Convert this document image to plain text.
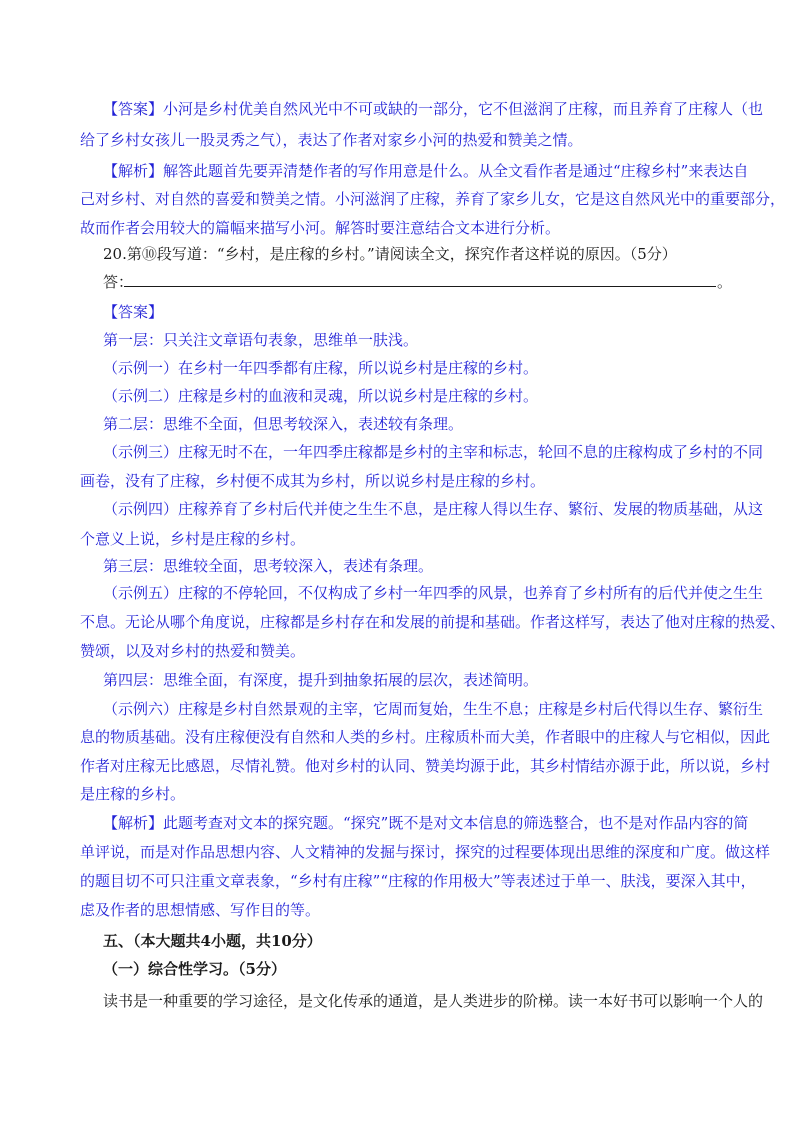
【答案】小河是乡村优美自然风光中不可或缺的一部分，它不但滋润了庄稼，而且养育了庄稼人（也
给了乡村女孩儿一股灵秀之气），表达了作者对家乡小河的热爱和赞美之情。
【解析】解答此题首先要弄清楚作者的写作用意是什么。从全文看作者是通过“庄稼乡村”来表达自
己对乡村、对自然的喜爱和赞美之情。小河滋润了庄稼，养育了家乡儿女，它是这自然风光中的重要部分，
故而作者会用较大的篇幅来描写小河。解答时要注意结合文本进行分析。
20.第⑩段写道：“乡村，是庄稼的乡村。”请阅读全文，探究作者这样说的原因。（5分）
答：	。
【答案】
第一层：只关注文章语句表象，思维单一肤浅。
（示例一）在乡村一年四季都有庄稼，所以说乡村是庄稼的乡村。
（示例二）庄稼是乡村的血液和灵魂，所以说乡村是庄稼的乡村。
第二层：思维不全面，但思考较深入，表述较有条理。
（示例三）庄稼无时不在，一年四季庄稼都是乡村的主宰和标志，轮回不息的庄稼构成了乡村的不同
画卷，没有了庄稼，乡村便不成其为乡村，所以说乡村是庄稼的乡村。
（示例四）庄稼养育了乡村后代并使之生生不息，是庄稼人得以生存、繁衍、发展的物质基础，从这
个意义上说，乡村是庄稼的乡村。
第三层：思维较全面，思考较深入，表述有条理。
（示例五）庄稼的不停轮回，不仅构成了乡村一年四季的风景，也养育了乡村所有的后代并使之生生
不息。无论从哪个角度说，庄稼都是乡村存在和发展的前提和基础。作者这样写，表达了他对庄稼的热爱、
赞颂，以及对乡村的热爱和赞美。
第四层：思维全面，有深度，提升到抽象拓展的层次，表述简明。
（示例六）庄稼是乡村自然景观的主宰，它周而复始，生生不息；庄稼是乡村后代得以生存、繁衍生
息的物质基础。没有庄稼便没有自然和人类的乡村。庄稼质朴而大美，作者眼中的庄稼人与它相似，因此
作者对庄稼无比感恩，尽情礼赞。他对乡村的认同、赞美均源于此，其乡村情结亦源于此，所以说，乡村
是庄稼的乡村。
【解析】此题考查对文本的探究题。“探究”既不是对文本信息的筛选整合，也不是对作品内容的简
单评说，而是对作品思想内容、人文精神的发掘与探讨，探究的过程要体现出思维的深度和广度。做这样
的题目切不可只注重文章表象，“乡村有庄稼”“庄稼的作用极大”等表述过于单一、肤浅，要深入其中，
虑及作者的思想情感、写作目的等。
五、（本大题共4小题，共10分）
（一）综合性学习。（5分）
读书是一种重要的学习途径，是文化传承的通道，是人类进步的阶梯。读一本好书可以影响一个人的
